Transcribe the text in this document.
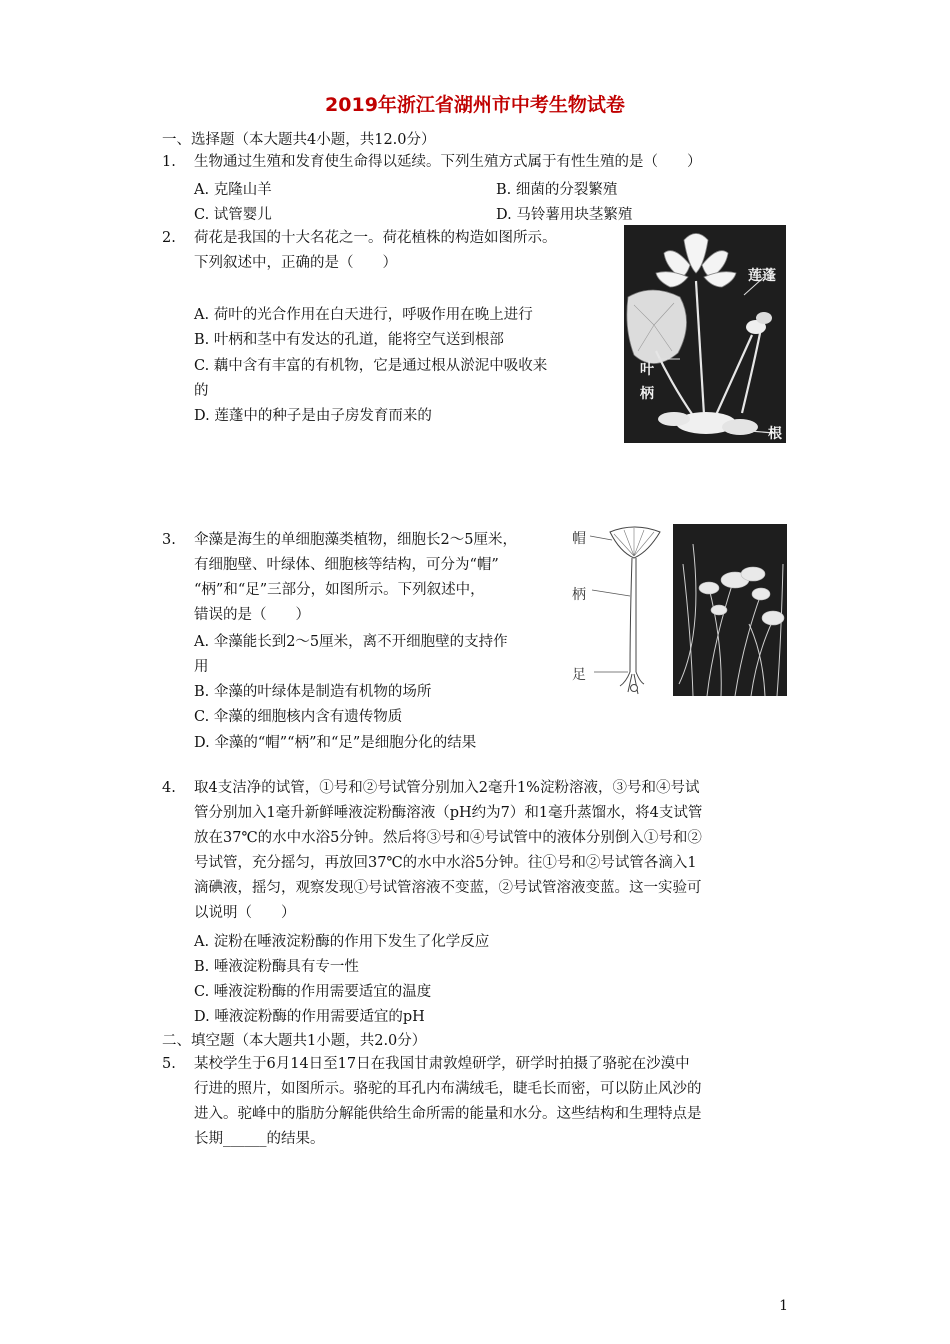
2019年浙江省湖州市中考生物试卷
一、选择题（本大题共4小题，共12.0分）
1. 生物通过生殖和发育使生命得以延续。下列生殖方式属于有性生殖的是（　　）
A. 克隆山羊	B. 细菌的分裂繁殖
C. 试管婴儿	D. 马铃薯用块茎繁殖
2. 荷花是我国的十大名花之一。荷花植株的构造如图所示。
下列叙述中，正确的是（　　）
A. 荷叶的光合作用在白天进行，呼吸作用在晚上进行
B. 叶柄和茎中有发达的孔道，能将空气送到根部
C. 藕中含有丰富的有机物，它是通过根从淤泥中吸收来
的
D. 莲蓬中的种子是由子房发育而来的
莲蓬
叶
柄
根
3. 伞藻是海生的单细胞藻类植物，细胞长2～5厘米，
有细胞壁、叶绿体、细胞核等结构，可分为“帽”
“柄”和“足”三部分，如图所示。下列叙述中，
错误的是（　　）
A. 伞藻能长到2～5厘米，离不开细胞壁的支持作
用
B. 伞藻的叶绿体是制造有机物的场所
C. 伞藻的细胞核内含有遗传物质
D. 伞藻的“帽”“柄”和“足”是细胞分化的结果
帽
柄
足
4. 取4支洁净的试管，①号和②号试管分别加入2毫升1%淀粉溶液，③号和④号试
管分别加入1毫升新鲜唾液淀粉酶溶液（pH约为7）和1毫升蒸馏水，将4支试管
放在37℃的水中水浴5分钟。然后将③号和④号试管中的液体分别倒入①号和②
号试管，充分摇匀，再放回37℃的水中水浴5分钟。往①号和②号试管各滴入1
滴碘液，摇匀，观察发现①号试管溶液不变蓝，②号试管溶液变蓝。这一实验可
以说明（　　）
A. 淀粉在唾液淀粉酶的作用下发生了化学反应
B. 唾液淀粉酶具有专一性
C. 唾液淀粉酶的作用需要适宜的温度
D. 唾液淀粉酶的作用需要适宜的pH
二、填空题（本大题共1小题，共2.0分）
5. 某校学生于6月14日至17日在我国甘肃敦煌研学，研学时拍摄了骆驼在沙漠中
行进的照片，如图所示。骆驼的耳孔内布满绒毛，睫毛长而密，可以防止风沙的
进入。驼峰中的脂肪分解能供给生命所需的能量和水分。这些结构和生理特点是
长期______的结果。
1
